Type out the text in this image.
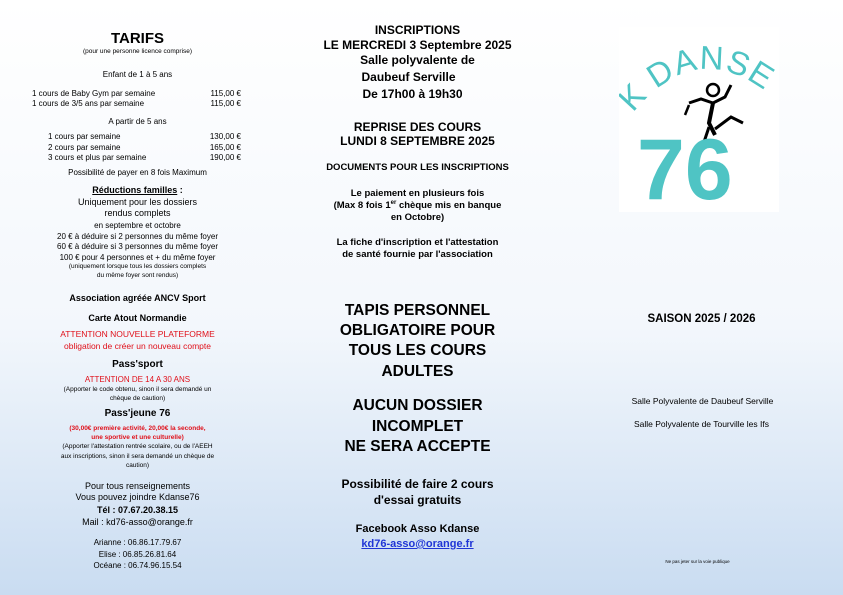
TARIFS
(pour une personne licence comprise)
Enfant de 1 à 5 ans
1 cours de Baby Gym par semaine	115,00 €
1 cours de 3/5 ans par semaine	115,00 €
A partir de 5 ans
1 cours par semaine	130,00 €
2 cours par semaine	165,00 €
3 cours et plus par semaine	190,00 €
Possibilité de payer en 8 fois Maximum
Réductions familles :
Uniquement pour les dossiers
rendus complets
en septembre et octobre
20 € à déduire si 2 personnes du même foyer
60 € à déduire si 3 personnes du même foyer
100 € pour 4 personnes et + du même foyer
(uniquement lorsque tous les dossiers complets
du même foyer sont rendus)
Association agréée ANCV Sport
Carte Atout Normandie
ATTENTION NOUVELLE PLATEFORME
obligation de créer un nouveau compte
Pass'sport
ATTENTION DE 14 A 30 ANS
(Apporter le code obtenu, sinon il sera demandé un
chèque de caution)
Pass'jeune 76
(30,00€ première activité, 20,00€ la seconde,
une sportive et une culturelle)
(Apporter l'attestation rentrée scolaire, ou de l'AEEH
aux inscriptions, sinon il sera demandé un chèque de
caution)
Pour tous renseignements
Vous pouvez joindre Kdanse76
Tél : 07.67.20.38.15
Mail : kd76-asso@orange.fr
Arianne : 06.86.17.79.67
Elise : 06.85.26.81.64
Océane : 06.74.96.15.54
INSCRIPTIONS
LE MERCREDI 3 Septembre 2025
Salle polyvalente de
Daubeuf Serville
De 17h00 à 19h30
REPRISE DES COURS
LUNDI 8 SEPTEMBRE 2025
DOCUMENTS POUR LES INSCRIPTIONS
Le paiement en plusieurs fois
(Max 8 fois 1er chèque mis en banque
en Octobre)
La fiche d'inscription et l'attestation
de santé fournie par l'association
TAPIS PERSONNEL
OBLIGATOIRE POUR
TOUS LES COURS
ADULTES
AUCUN DOSSIER
INCOMPLET
NE SERA ACCEPTE
Possibilité de faire 2 cours
d'essai gratuits
Facebook Asso Kdanse
kd76-asso@orange.fr
DANSE
76
SAISON 2025 / 2026
Salle Polyvalente de Daubeuf Serville
Salle Polyvalente de Tourville les Ifs
Ne pas jeter sur la voie publique
